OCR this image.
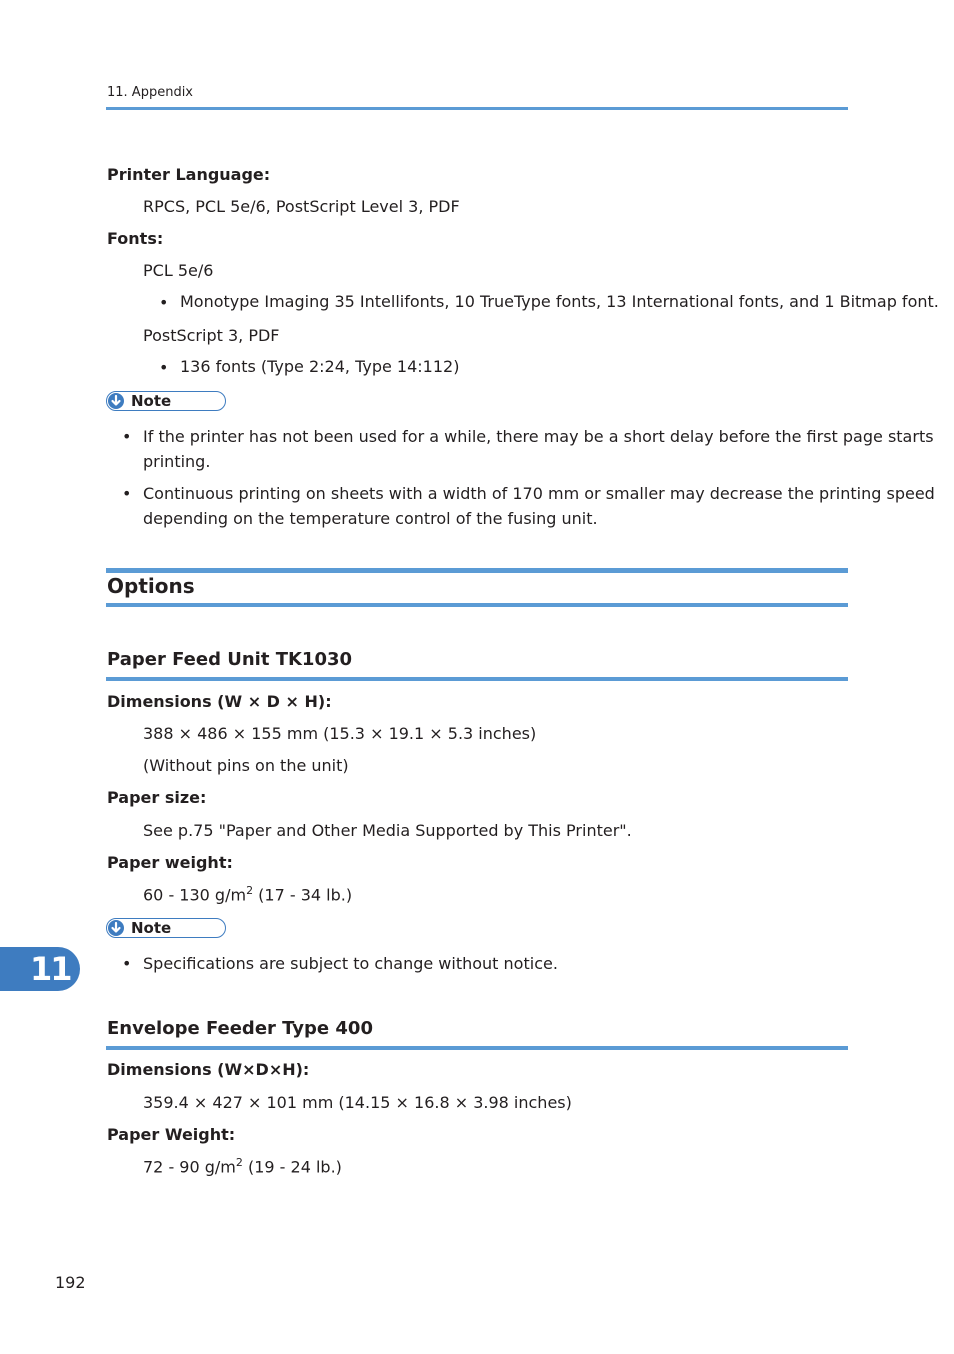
11. Appendix
Printer Language:
RPCS, PCL 5e/6, PostScript Level 3, PDF
Fonts:
PCL 5e/6
• Monotype Imaging 35 Intellifonts, 10 TrueType fonts, 13 International fonts, and 1 Bitmap font.
PostScript 3, PDF
• 136 fonts (Type 2:24, Type 14:112)
Note
• If the printer has not been used for a while, there may be a short delay before the first page starts
printing.
• Continuous printing on sheets with a width of 170 mm or smaller may decrease the printing speed
depending on the temperature control of the fusing unit.
Options
Paper Feed Unit TK1030
Dimensions (W × D × H):
388 × 486 × 155 mm (15.3 × 19.1 × 5.3 inches)
(Without pins on the unit)
Paper size:
See p.75 "Paper and Other Media Supported by This Printer".
Paper weight:
60 - 130 $g/m^2$ (17 - 34 lb.)
Note
• Specifications are subject to change without notice.
11
Envelope Feeder Type 400
Dimensions (W×D×H):
359.4 × 427 × 101 mm (14.15 × 16.8 × 3.98 inches)
Paper Weight:
72 - 90 $g/m^2$ (19 - 24 lb.)
192
